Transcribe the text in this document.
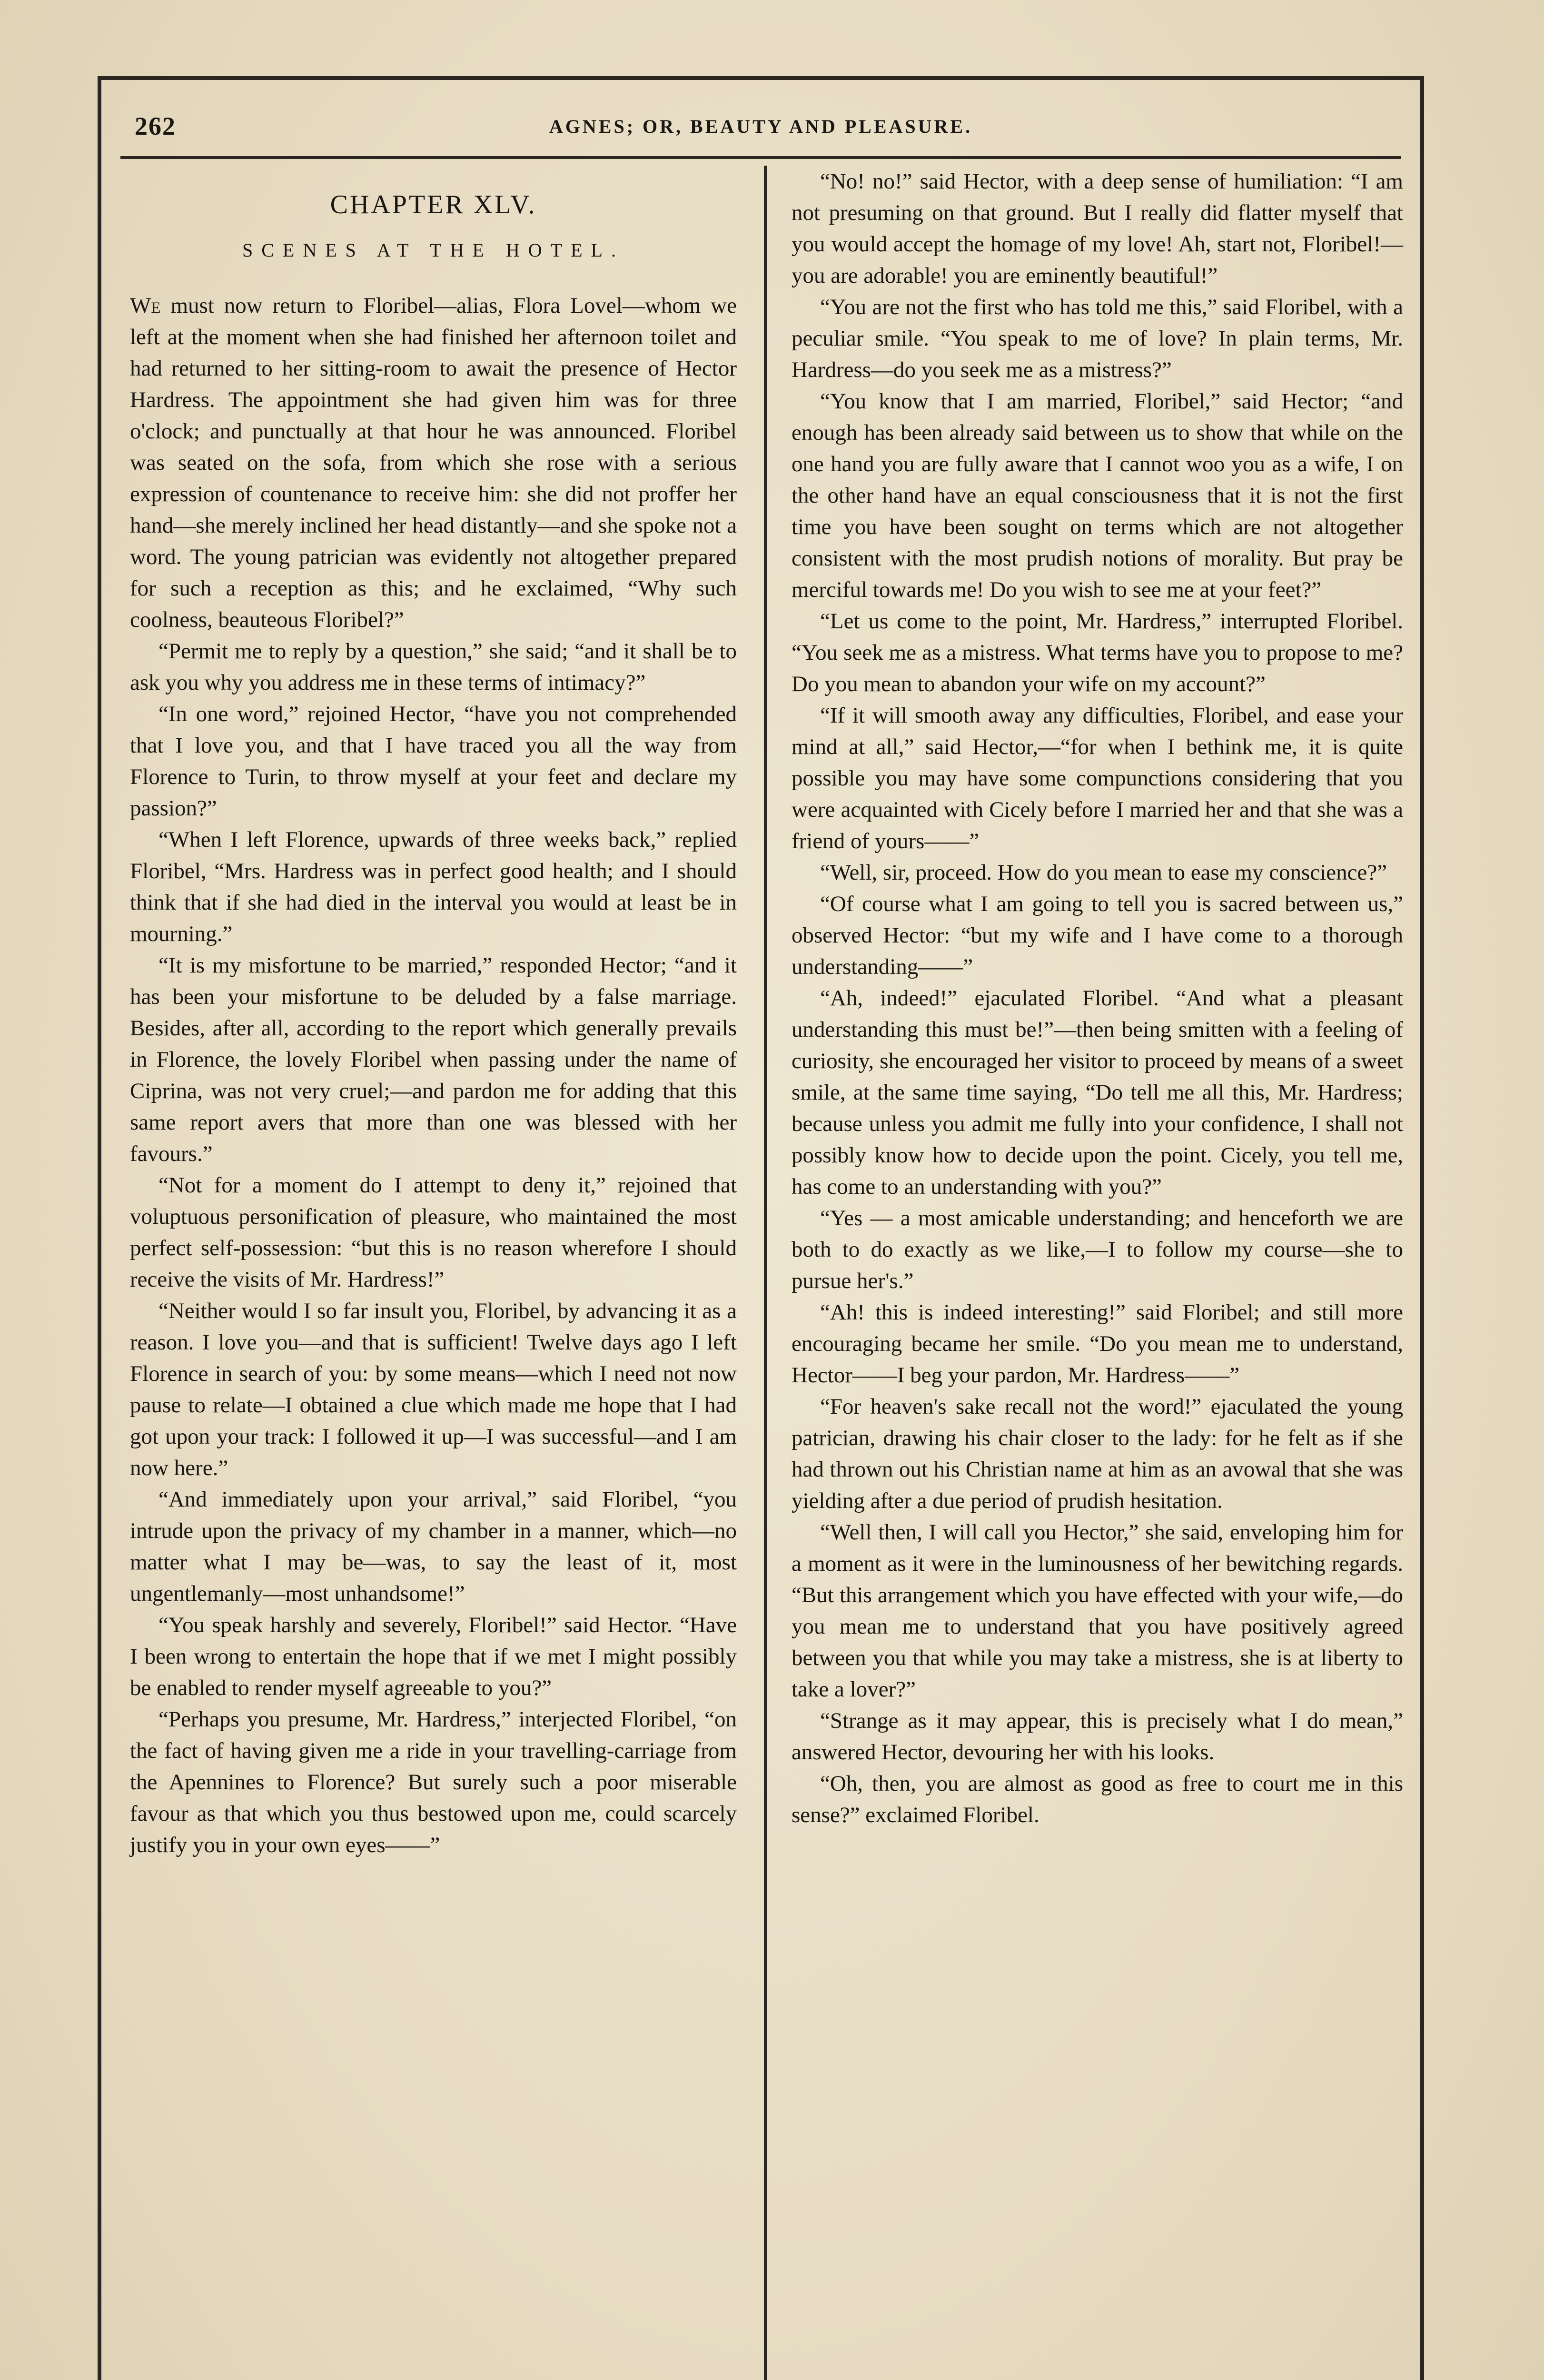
262	AGNES; OR, BEAUTY AND PLEASURE.
CHAPTER XLV.
SCENES AT THE HOTEL.

We must now return to Floribel—alias, Flora Lovel—whom we left at the moment when she had finished her afternoon toilet and had returned to her sitting-room to await the presence of Hector Hardress. The appointment she had given him was for three o'clock; and punctually at that hour he was announced. Floribel was seated on the sofa, from which she rose with a serious expression of countenance to receive him: she did not proffer her hand—she merely inclined her head distantly—and she spoke not a word. The young patrician was evidently not altogether prepared for such a reception as this; and he exclaimed, “Why such coolness, beauteous Floribel?”

“Permit me to reply by a question,” she said; “and it shall be to ask you why you address me in these terms of intimacy?”

“In one word,” rejoined Hector, “have you not comprehended that I love you, and that I have traced you all the way from Florence to Turin, to throw myself at your feet and declare my passion?”

“When I left Florence, upwards of three weeks back,” replied Floribel, “Mrs. Hardress was in perfect good health; and I should think that if she had died in the interval you would at least be in mourning.”

“It is my misfortune to be married,” responded Hector; “and it has been your misfortune to be deluded by a false marriage. Besides, after all, according to the report which generally prevails in Florence, the lovely Floribel when passing under the name of Ciprina, was not very cruel;—and pardon me for adding that this same report avers that more than one was blessed with her favours.”

“Not for a moment do I attempt to deny it,” rejoined that voluptuous personification of pleasure, who maintained the most perfect self-possession: “but this is no reason wherefore I should receive the visits of Mr. Hardress!”

“Neither would I so far insult you, Floribel, by advancing it as a reason. I love you—and that is sufficient! Twelve days ago I left Florence in search of you: by some means—which I need not now pause to relate—I obtained a clue which made me hope that I had got upon your track: I followed it up—I was successful—and I am now here.”

“And immediately upon your arrival,” said Floribel, “you intrude upon the privacy of my chamber in a manner, which—no matter what I may be—was, to say the least of it, most ungentlemanly—most unhandsome!”

“You speak harshly and severely, Floribel!” said Hector. “Have I been wrong to entertain the hope that if we met I might possibly be enabled to render myself agreeable to you?”

“Perhaps you presume, Mr. Hardress,” interjected Floribel, “on the fact of having given me a ride in your travelling-carriage from the Apennines to Florence? But surely such a poor miserable favour as that which you thus bestowed upon me, could scarcely justify you in your own eyes——”

“No! no!” said Hector, with a deep sense of humiliation: “I am not presuming on that ground. But I really did flatter myself that you would accept the homage of my love! Ah, start not, Floribel!—you are adorable! you are eminently beautiful!”

“You are not the first who has told me this,” said Floribel, with a peculiar smile. “You speak to me of love? In plain terms, Mr. Hardress—do you seek me as a mistress?”

“You know that I am married, Floribel,” said Hector; “and enough has been already said between us to show that while on the one hand you are fully aware that I cannot woo you as a wife, I on the other hand have an equal consciousness that it is not the first time you have been sought on terms which are not altogether consistent with the most prudish notions of morality. But pray be merciful towards me! Do you wish to see me at your feet?”

“Let us come to the point, Mr. Hardress,” interrupted Floribel. “You seek me as a mistress. What terms have you to propose to me? Do you mean to abandon your wife on my account?”

“If it will smooth away any difficulties, Floribel, and ease your mind at all,” said Hector,—“for when I bethink me, it is quite possible you may have some compunctions considering that you were acquainted with Cicely before I married her and that she was a friend of yours——”

“Well, sir, proceed. How do you mean to ease my conscience?”

“Of course what I am going to tell you is sacred between us,” observed Hector: “but my wife and I have come to a thorough understanding——”

“Ah, indeed!” ejaculated Floribel. “And what a pleasant understanding this must be!”—then being smitten with a feeling of curiosity, she encouraged her visitor to proceed by means of a sweet smile, at the same time saying, “Do tell me all this, Mr. Hardress; because unless you admit me fully into your confidence, I shall not possibly know how to decide upon the point. Cicely, you tell me, has come to an understanding with you?”

“Yes — a most amicable understanding; and henceforth we are both to do exactly as we like,—I to follow my course—she to pursue her's.”

“Ah! this is indeed interesting!” said Floribel; and still more encouraging became her smile. “Do you mean me to understand, Hector——I beg your pardon, Mr. Hardress——”

“For heaven's sake recall not the word!” ejaculated the young patrician, drawing his chair closer to the lady: for he felt as if she had thrown out his Christian name at him as an avowal that she was yielding after a due period of prudish hesitation.

“Well then, I will call you Hector,” she said, enveloping him for a moment as it were in the luminousness of her bewitching regards. “But this arrangement which you have effected with your wife,—do you mean me to understand that you have positively agreed between you that while you may take a mistress, she is at liberty to take a lover?”

“Strange as it may appear, this is precisely what I do mean,” answered Hector, devouring her with his looks.

“Oh, then, you are almost as good as free to court me in this sense?” exclaimed Floribel.
